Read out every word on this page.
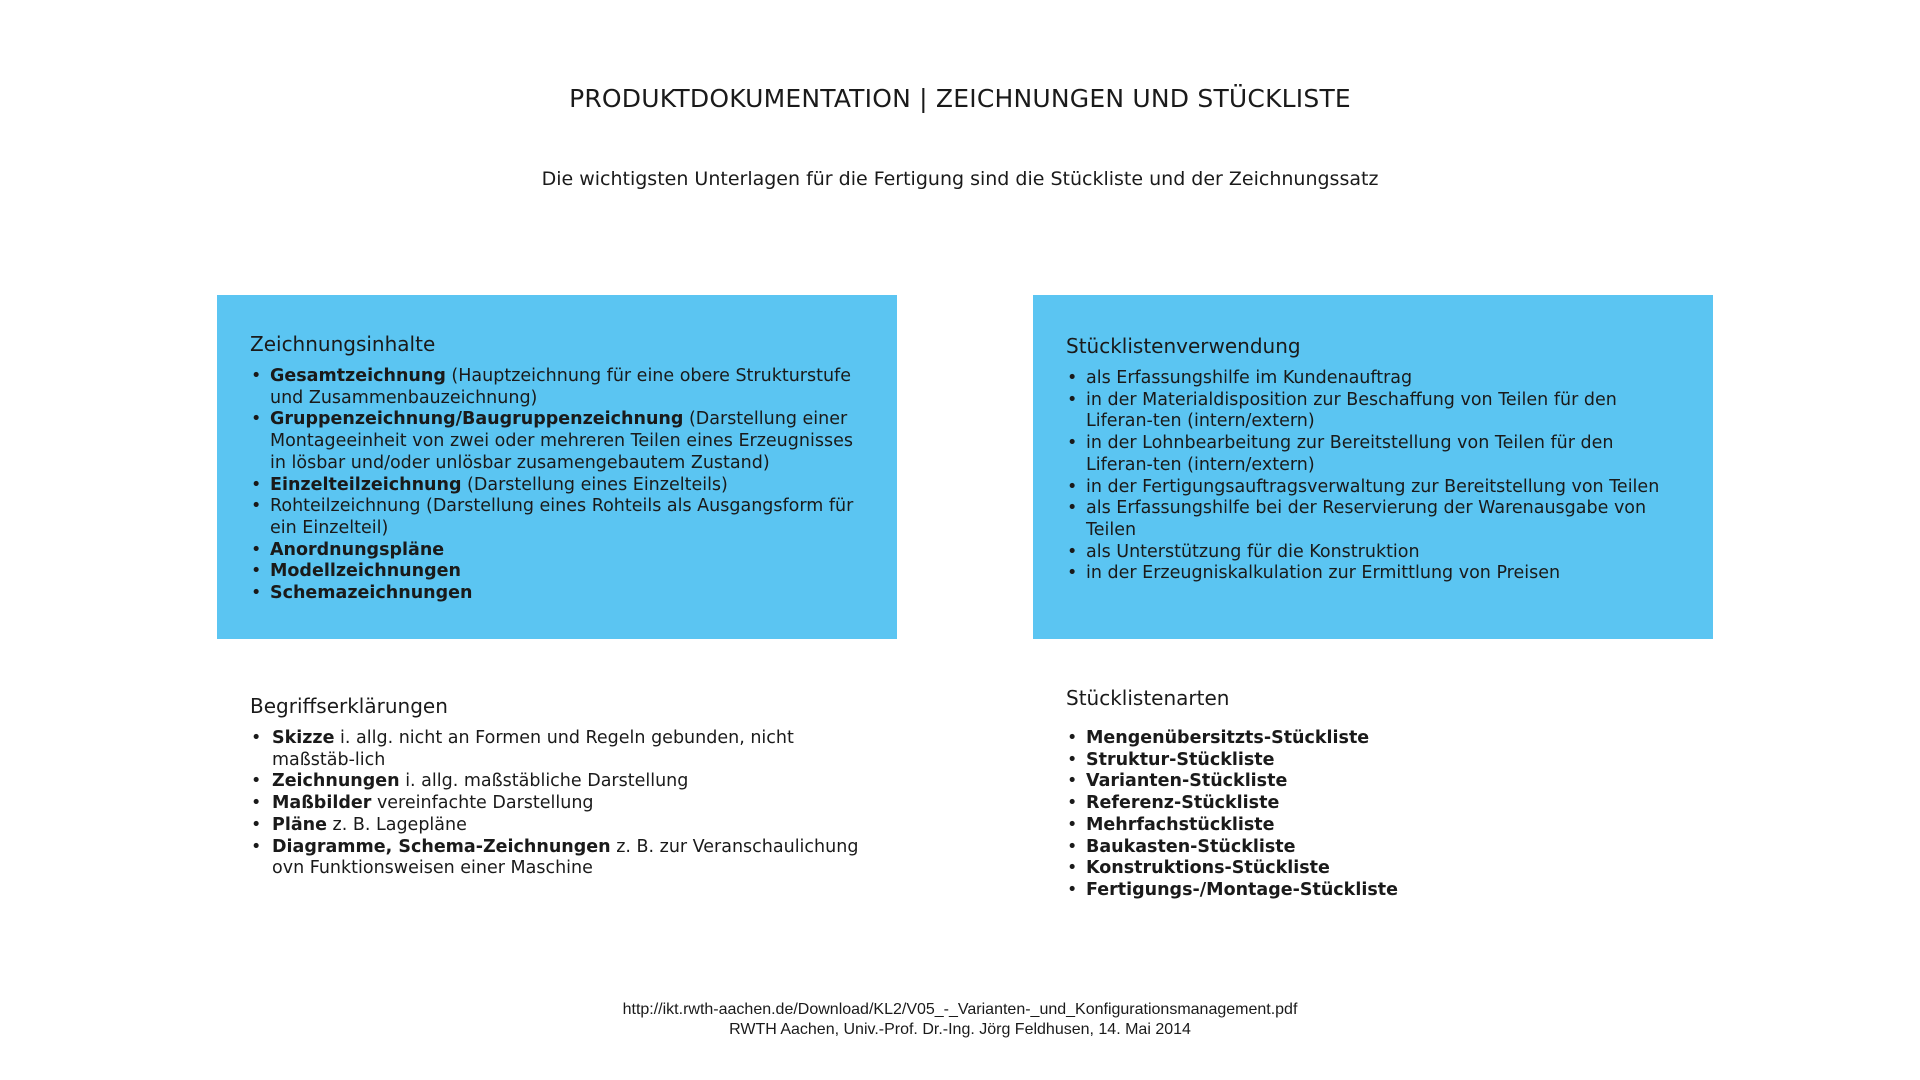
PRODUKTDOKUMENTATION | ZEICHNUNGEN UND STÜCKLISTE
Die wichtigsten Unterlagen für die Fertigung sind die Stückliste und der Zeichnungssatz
Zeichnungsinhalte
• Gesamtzeichnung (Hauptzeichnung für eine obere Strukturstufe und Zusammenbauzeichnung)
• Gruppenzeichnung/Baugruppenzeichnung (Darstellung einer Montageeinheit von zwei oder mehreren Teilen eines Erzeugnisses in lösbar und/oder unlösbar zusamengebautem Zustand)
• Einzelteilzeichnung (Darstellung eines Einzelteils)
• Rohteilzeichnung (Darstellung eines Rohteils als Ausgangsform für ein Einzelteil)
• Anordnungspläne
• Modellzeichnungen
• Schemazeichnungen
Stücklistenverwendung
• als Erfassungshilfe im Kundenauftrag
• in der Materialdisposition zur Beschaffung von Teilen für den Liferan-ten (intern/extern)
• in der Lohnbearbeitung zur Bereitstellung von Teilen für den Liferan-ten (intern/extern)
• in der Fertigungsauftragsverwaltung zur Bereitstellung von Teilen
• als Erfassungshilfe bei der Reservierung der Warenausgabe von Teilen
• als Unterstützung für die Konstruktion
• in der Erzeugniskalkulation zur Ermittlung von Preisen
Begriffserklärungen
• Skizze i. allg. nicht an Formen und Regeln gebunden, nicht maßstäb-lich
• Zeichnungen i. allg. maßstäbliche Darstellung
• Maßbilder vereinfachte Darstellung
• Pläne z. B. Lagepläne
• Diagramme, Schema-Zeichnungen z. B. zur Veranschaulichung ovn Funktionsweisen einer Maschine
Stücklistenarten
• Mengenübersitzts-Stückliste
• Struktur-Stückliste
• Varianten-Stückliste
• Referenz-Stückliste
• Mehrfachstückliste
• Baukasten-Stückliste
• Konstruktions-Stückliste
• Fertigungs-/Montage-Stückliste
http://ikt.rwth-aachen.de/Download/KL2/V05_-_Varianten-_und_Konfigurationsmanagement.pdf
RWTH Aachen, Univ.-Prof. Dr.-Ing. Jörg Feldhusen, 14. Mai 2014
